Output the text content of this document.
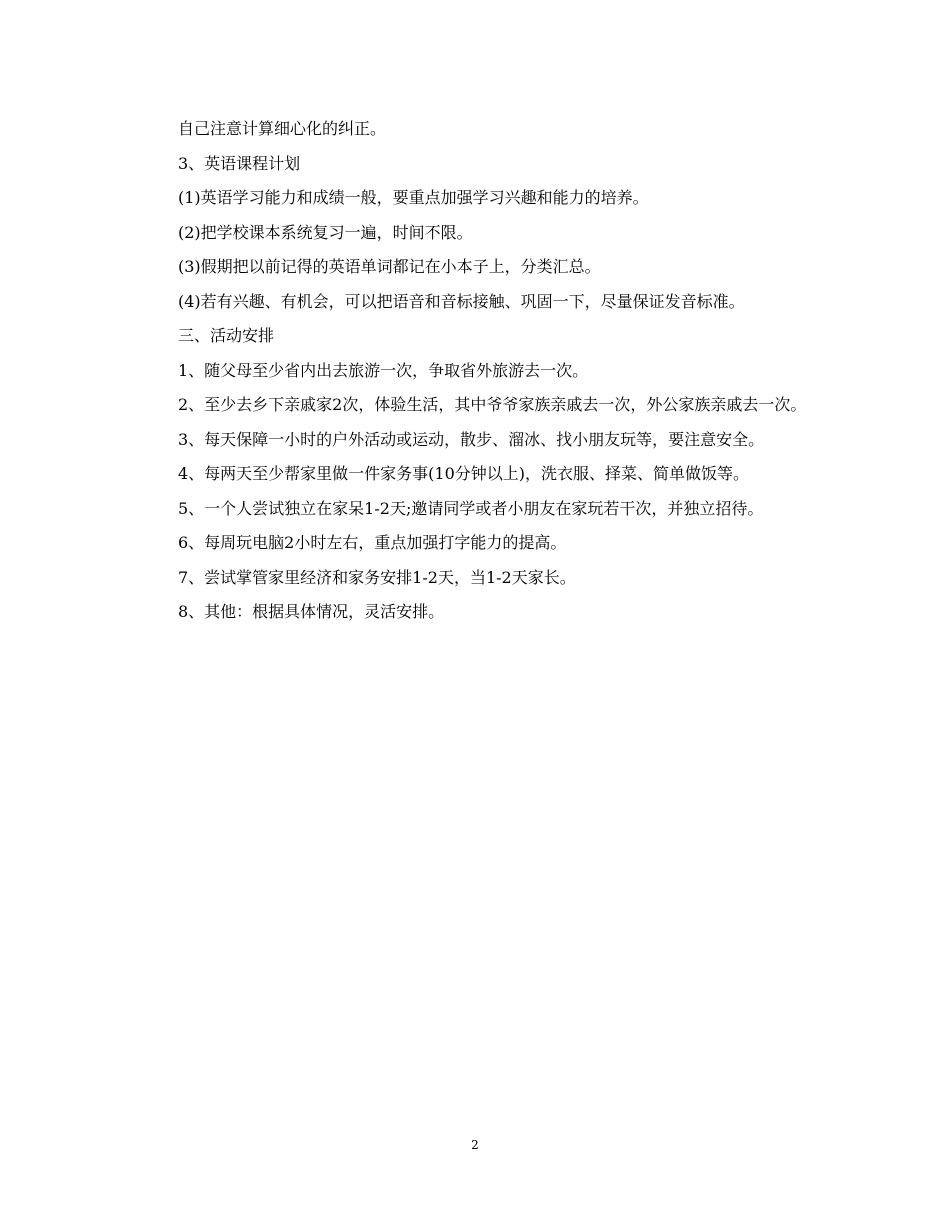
自己注意计算细心化的纠正。

3、英语课程计划

(1)英语学习能力和成绩一般，要重点加强学习兴趣和能力的培养。

(2)把学校课本系统复习一遍，时间不限。

(3)假期把以前记得的英语单词都记在小本子上，分类汇总。

(4)若有兴趣、有机会，可以把语音和音标接触、巩固一下，尽量保证发音标准。

三、活动安排

1、随父母至少省内出去旅游一次，争取省外旅游去一次。

2、至少去乡下亲戚家2次，体验生活，其中爷爷家族亲戚去一次，外公家族亲戚去一次。

3、每天保障一小时的户外活动或运动，散步、溜冰、找小朋友玩等，要注意安全。

4、每两天至少帮家里做一件家务事(10分钟以上)，洗衣服、择菜、简单做饭等。

5、一个人尝试独立在家呆1-2天;邀请同学或者小朋友在家玩若干次，并独立招待。

6、每周玩电脑2小时左右，重点加强打字能力的提高。

7、尝试掌管家里经济和家务安排1-2天，当1-2天家长。

8、其他：根据具体情况，灵活安排。

2
